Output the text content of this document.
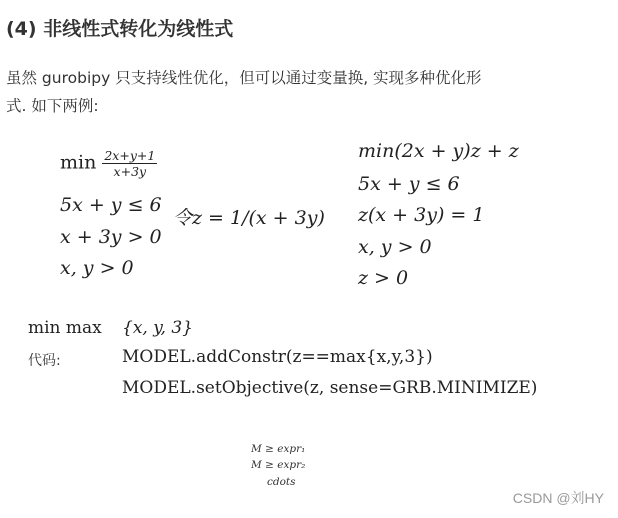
(4) 非线性式转化为线性式
虽然 gurobipy 只支持线性优化，但可以通过变量换, 实现多种优化形
式. 如下两例:
$\min \frac{2x+y+1}{x+3y}$
5x + y ≤ 6
x + 3y > 0
x, y > 0
令z = 1/(x + 3y)
min(2x + y)z + z
5x + y ≤ 6
z(x + 3y) = 1
x, y > 0
z > 0
min max {x, y, 3}
代码:	MODEL.addConstr(z==max{x,y,3})
MODEL.setObjective(z, sense=GRB.MINIMIZE)
M ≥ expr₁
M ≥ expr₂
cdots
CSDN @刘HY
